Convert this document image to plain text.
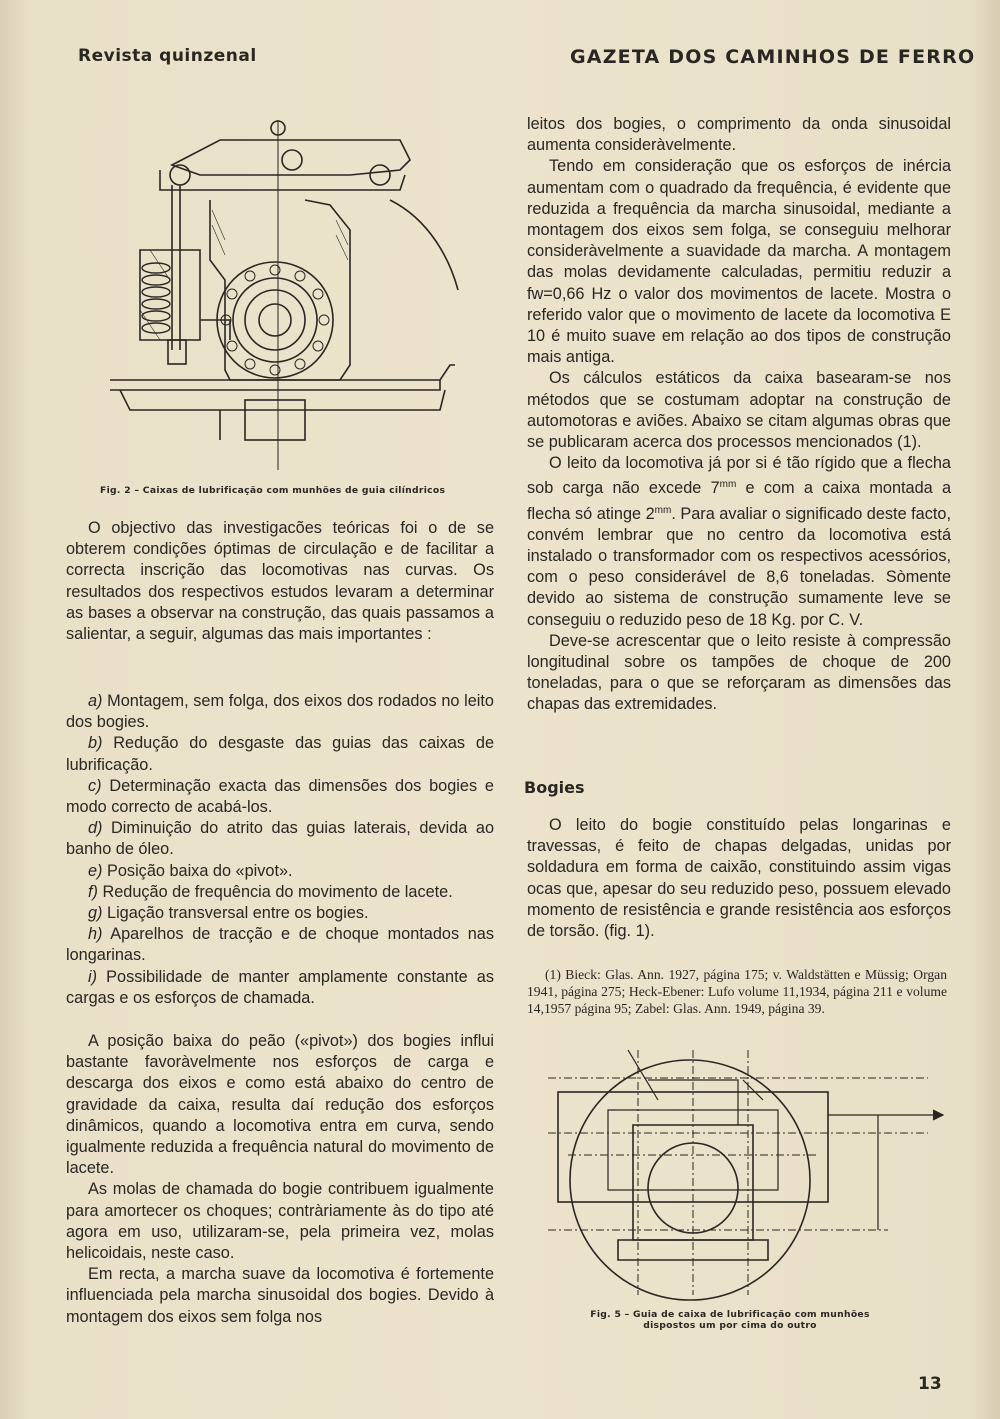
Revista quinzenal	GAZETA DOS CAMINHOS DE FERRO
Fig. 2 – Caixas de lubrificação com munhões de guia cilíndricos

O objectivo das investigacões teóricas foi o de se obterem condições óptimas de circulação e de facilitar a correcta inscrição das locomotivas nas curvas. Os resultados dos respectivos estudos levaram a determinar as bases a observar na construção, das quais passamos a salientar, a seguir, algumas das mais importantes :

a) Montagem, sem folga, dos eixos dos rodados no leito dos bogies.

b) Redução do desgaste das guias das caixas de lubrificação.

c) Determinação exacta das dimensões dos bogies e modo correcto de acabá-los.

d) Diminuição do atrito das guias laterais, devida ao banho de óleo.

e) Posição baixa do «pivot».

f) Redução de frequência do movimento de lacete.

g) Ligação transversal entre os bogies.

h) Aparelhos de tracção e de choque montados nas longarinas.

i) Possibilidade de manter amplamente constante as cargas e os esforços de chamada.

A posição baixa do peão («pivot») dos bogies influi bastante favoràvelmente nos esforços de carga e descarga dos eixos e como está abaixo do centro de gravidade da caixa, resulta daí redução dos esforços dinâmicos, quando a locomotiva entra em curva, sendo igualmente reduzida a frequência natural do movimento de lacete.

As molas de chamada do bogie contribuem igualmente para amortecer os choques; contràriamente às do tipo até agora em uso, utilizaram-se, pela primeira vez, molas helicoidais, neste caso.

Em recta, a marcha suave da locomotiva é fortemente influenciada pela marcha sinusoidal dos bogies. Devido à montagem dos eixos sem folga nos

leitos dos bogies, o comprimento da onda sinusoidal aumenta consideràvelmente.

Tendo em consideração que os esforços de inércia aumentam com o quadrado da frequência, é evidente que reduzida a frequência da marcha sinusoidal, mediante a montagem dos eixos sem folga, se conseguiu melhorar consideràvelmente a suavidade da marcha. A montagem das molas devidamente calculadas, permitiu reduzir a fw=0,66 Hz o valor dos movimentos de lacete. Mostra o referido valor que o movimento de lacete da locomotiva E 10 é muito suave em relação ao dos tipos de construção mais antiga.

Os cálculos estáticos da caixa basearam-se nos métodos que se costumam adoptar na construção de automotoras e aviões. Abaixo se citam algumas obras que se publicaram acerca dos processos mencionados (1).

O leito da locomotiva já por si é tão rígido que a flecha sob carga não excede $7^{mm}$ e com a caixa montada a flecha só atinge $2^{mm}$. Para avaliar o significado deste facto, convém lembrar que no centro da locomotiva está instalado o transformador com os respectivos acessórios, com o peso considerável de 8,6 toneladas. Sòmente devido ao sistema de construção sumamente leve se conseguiu o reduzido peso de 18 Kg. por C. V.

Deve-se acrescentar que o leito resiste à compressão longitudinal sobre os tampões de choque de 200 toneladas, para o que se reforçaram as dimensões das chapas das extremidades.

Bogies

O leito do bogie constituído pelas longarinas e travessas, é feito de chapas delgadas, unidas por soldadura em forma de caixão, constituindo assim vigas ocas que, apesar do seu reduzido peso, possuem elevado momento de resistência e grande resistência aos esforços de torsão. (fig. 1).

(1) Bieck: Glas. Ann. 1927, página 175; v. Waldstätten e Müssig; Organ 1941, página 275; Heck-Ebener: Lufo volume 11,1934, página 211 e volume 14,1957 página 95; Zabel: Glas. Ann. 1949, página 39.

Fig. 5 – Guia de caixa de lubrificação com munhões
dispostos um por cima do outro
13
